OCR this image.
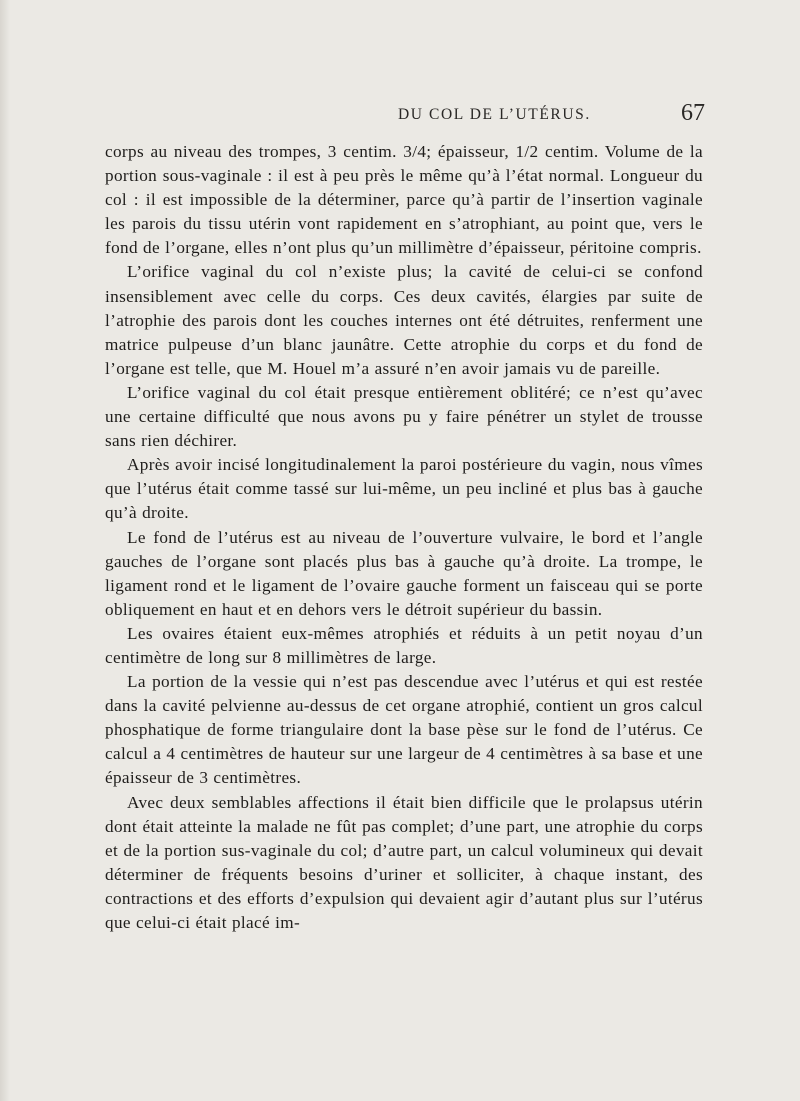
DU COL DE L’UTÉRUS.	67

corps au niveau des trompes, 3 centim. 3/4; épaisseur, 1/2 centim. Volume de la portion sous-vaginale : il est à peu près le même qu’à l’état normal. Longueur du col : il est impossible de la déterminer, parce qu’à partir de l’insertion vaginale les parois du tissu utérin vont rapidement en s’atrophiant, au point que, vers le fond de l’organe, elles n’ont plus qu’un millimètre d’épaisseur, péritoine compris.

L’orifice vaginal du col n’existe plus; la cavité de celui-ci se confond insensiblement avec celle du corps. Ces deux cavités, élargies par suite de l’atrophie des parois dont les couches internes ont été détruites, renferment une matrice pulpeuse d’un blanc jaunâtre. Cette atrophie du corps et du fond de l’organe est telle, que M. Houel m’a assuré n’en avoir jamais vu de pareille.

L’orifice vaginal du col était presque entièrement oblitéré; ce n’est qu’avec une certaine difficulté que nous avons pu y faire pénétrer un stylet de trousse sans rien déchirer.

Après avoir incisé longitudinalement la paroi postérieure du vagin, nous vîmes que l’utérus était comme tassé sur lui-même, un peu incliné et plus bas à gauche qu’à droite.

Le fond de l’utérus est au niveau de l’ouverture vulvaire, le bord et l’angle gauches de l’organe sont placés plus bas à gauche qu’à droite. La trompe, le ligament rond et le ligament de l’ovaire gauche forment un faisceau qui se porte obliquement en haut et en dehors vers le détroit supérieur du bassin.

Les ovaires étaient eux-mêmes atrophiés et réduits à un petit noyau d’un centimètre de long sur 8 millimètres de large.

La portion de la vessie qui n’est pas descendue avec l’utérus et qui est restée dans la cavité pelvienne au-dessus de cet organe atrophié, contient un gros calcul phosphatique de forme triangulaire dont la base pèse sur le fond de l’utérus. Ce calcul a 4 centimètres de hauteur sur une largeur de 4 centimètres à sa base et une épaisseur de 3 centimètres.

Avec deux semblables affections il était bien difficile que le prolapsus utérin dont était atteinte la malade ne fût pas complet; d’une part, une atrophie du corps et de la portion sus-vaginale du col; d’autre part, un calcul volumineux qui devait déterminer de fréquents besoins d’uriner et solliciter, à chaque instant, des contractions et des efforts d’expulsion qui devaient agir d’autant plus sur l’utérus que celui-ci était placé im-
